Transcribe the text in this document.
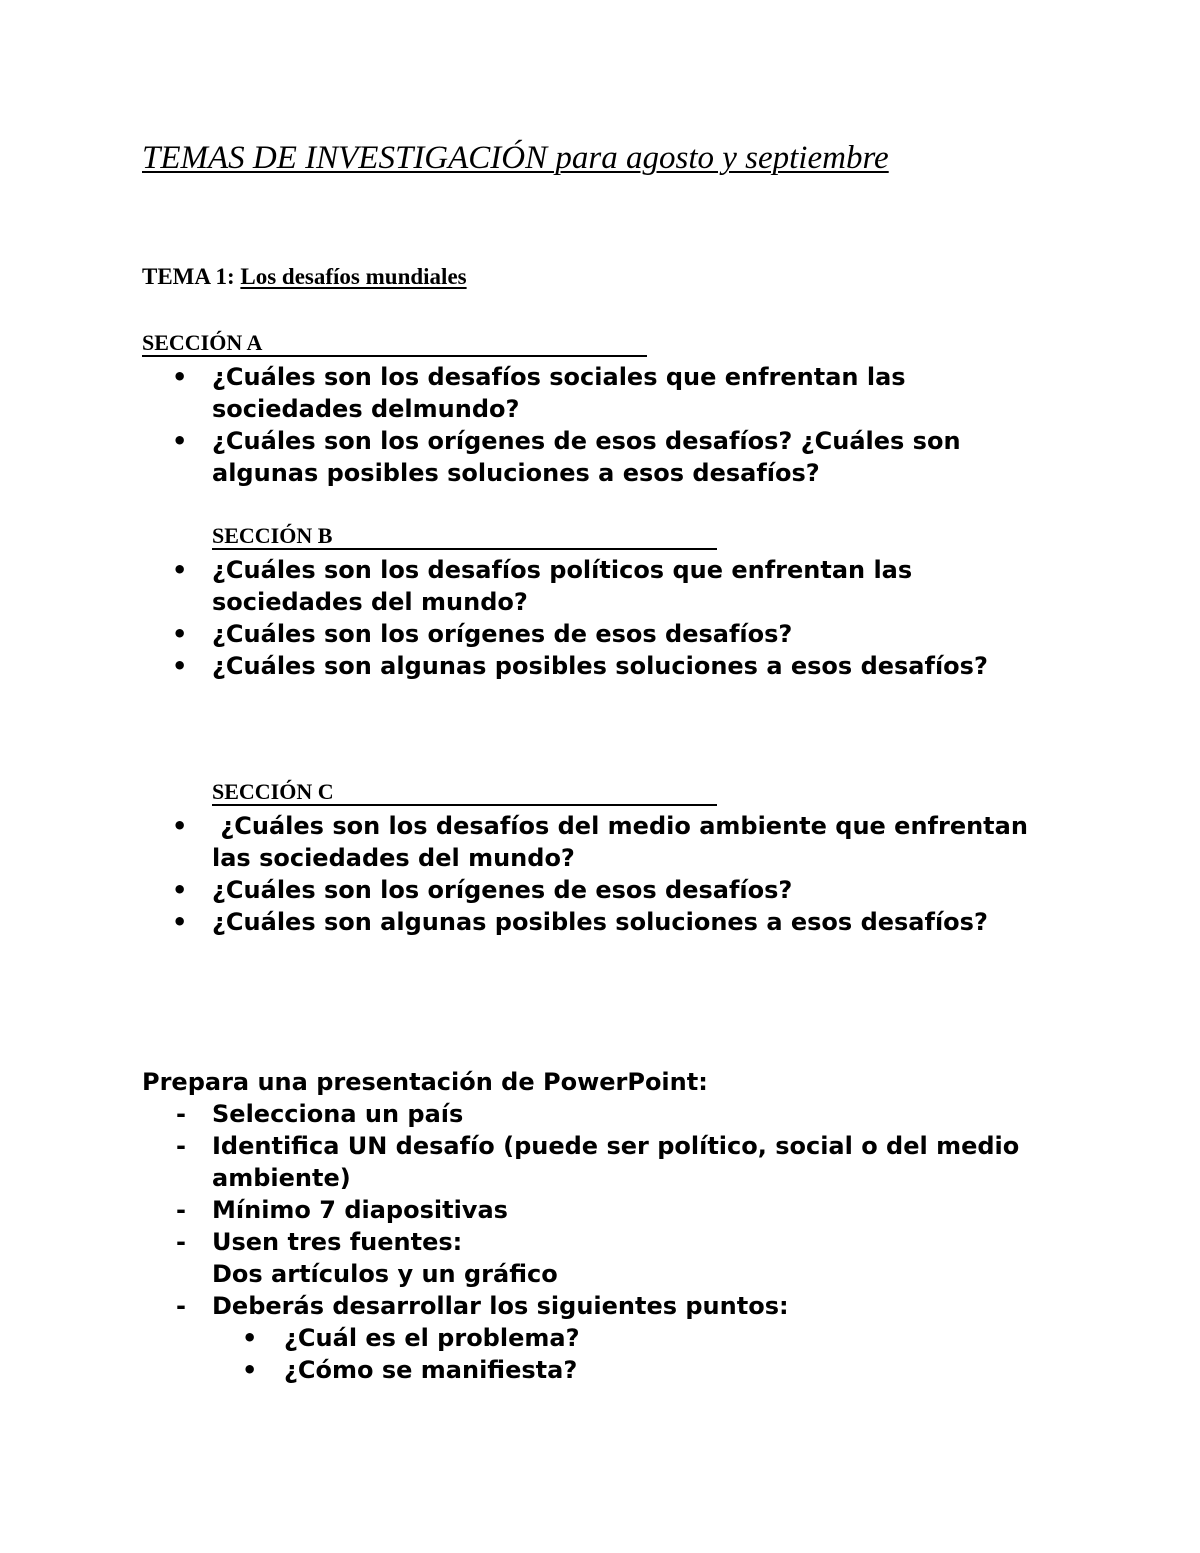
TEMAS DE INVESTIGACIÓN para agosto y septiembre
TEMA 1: Los desafíos mundiales
SECCIÓN A
• ¿Cuáles son los desafíos sociales que enfrentan las sociedades delmundo?
• ¿Cuáles son los orígenes de esos desafíos? ¿Cuáles son algunas posibles soluciones a esos desafíos?
SECCIÓN B
• ¿Cuáles son los desafíos políticos que enfrentan las sociedades del mundo?
• ¿Cuáles son los orígenes de esos desafíos?
• ¿Cuáles son algunas posibles soluciones a esos desafíos?
SECCIÓN C
• ¿Cuáles son los desafíos del medio ambiente que enfrentan las sociedades del mundo?
• ¿Cuáles son los orígenes de esos desafíos?
• ¿Cuáles son algunas posibles soluciones a esos desafíos?
Prepara una presentación de PowerPoint:
- Selecciona un país
- Identifica UN desafío (puede ser político, social o del medio ambiente)
- Mínimo 7 diapositivas
- Usen tres fuentes:
Dos artículos y un gráfico
- Deberás desarrollar los siguientes puntos:
• ¿Cuál es el problema?
• ¿Cómo se manifiesta?
